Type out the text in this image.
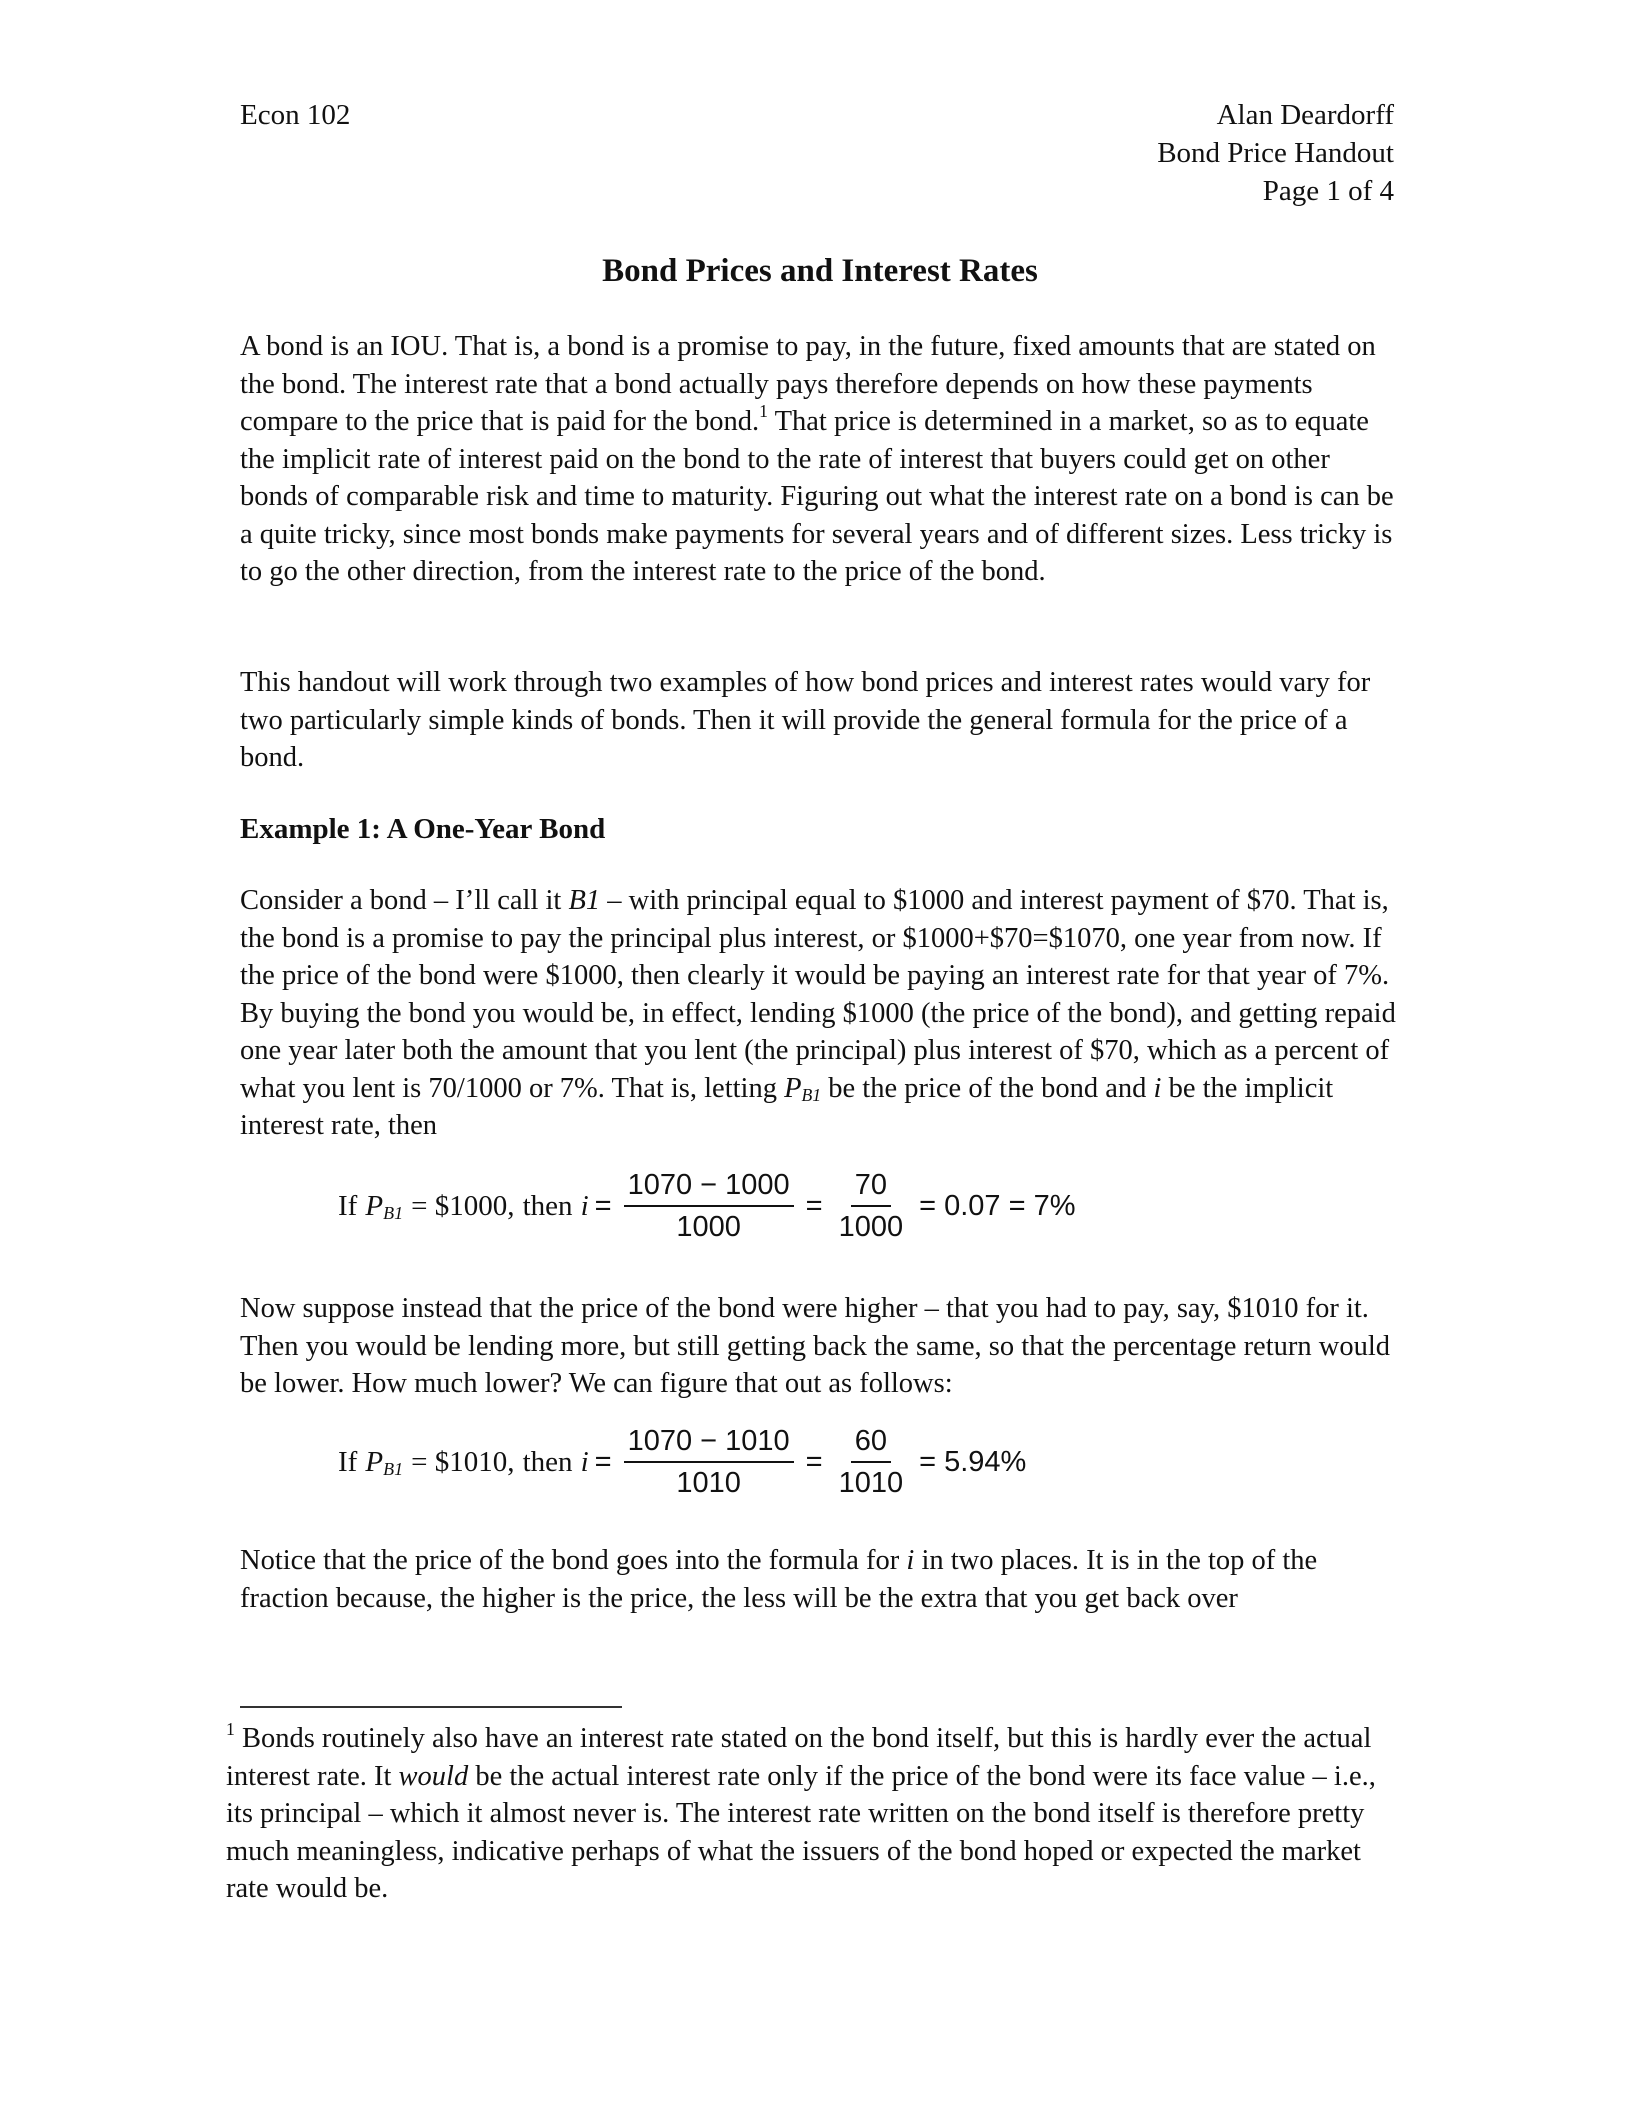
Econ 102	Alan Deardorff
Bond Price Handout
Page 1 of 4
Bond Prices and Interest Rates

A bond is an IOU. That is, a bond is a promise to pay, in the future, fixed amounts that are stated on the bond. The interest rate that a bond actually pays therefore depends on how these payments compare to the price that is paid for the bond.$^1$ That price is determined in a market, so as to equate the implicit rate of interest paid on the bond to the rate of interest that buyers could get on other bonds of comparable risk and time to maturity. Figuring out what the interest rate on a bond is can be a quite tricky, since most bonds make payments for several years and of different sizes. Less tricky is to go the other direction, from the interest rate to the price of the bond.

This handout will work through two examples of how bond prices and interest rates would vary for two particularly simple kinds of bonds. Then it will provide the general formula for the price of a bond.

Example 1: A One-Year Bond

Consider a bond – I’ll call it B1 – with principal equal to $1000 and interest payment of $70. That is, the bond is a promise to pay the principal plus interest, or $1000+$70=$1070, one year from now. If the price of the bond were $1000, then clearly it would be paying an interest rate for that year of 7%. By buying the bond you would be, in effect, lending $1000 (the price of the bond), and getting repaid one year later both the amount that you lent (the principal) plus interest of $70, which as a percent of what you lent is 70/1000 or 7%. That is, letting $P_{B1}$ be the price of the bond and i be the implicit interest rate, then

If
$P_{B1}$
= $1000,
then
$i = \frac{1070 - 1000}{1000} = \frac{70}{1000} = 0.07 = 7\%$

Now suppose instead that the price of the bond were higher – that you had to pay, say, $1010 for it. Then you would be lending more, but still getting back the same, so that the percentage return would be lower. How much lower? We can figure that out as follows:

If
$P_{B1}$
= $1010,
then
$i = \frac{1070 - 1010}{1010} = \frac{60}{1010} = 5.94\%$

Notice that the price of the bond goes into the formula for i in two places. It is in the top of the fraction because, the higher is the price, the less will be the extra that you get back over

$^1$ Bonds routinely also have an interest rate stated on the bond itself, but this is hardly ever the actual interest rate. It would be the actual interest rate only if the price of the bond were its face value – i.e., its principal – which it almost never is. The interest rate written on the bond itself is therefore pretty much meaningless, indicative perhaps of what the issuers of the bond hoped or expected the market rate would be.
